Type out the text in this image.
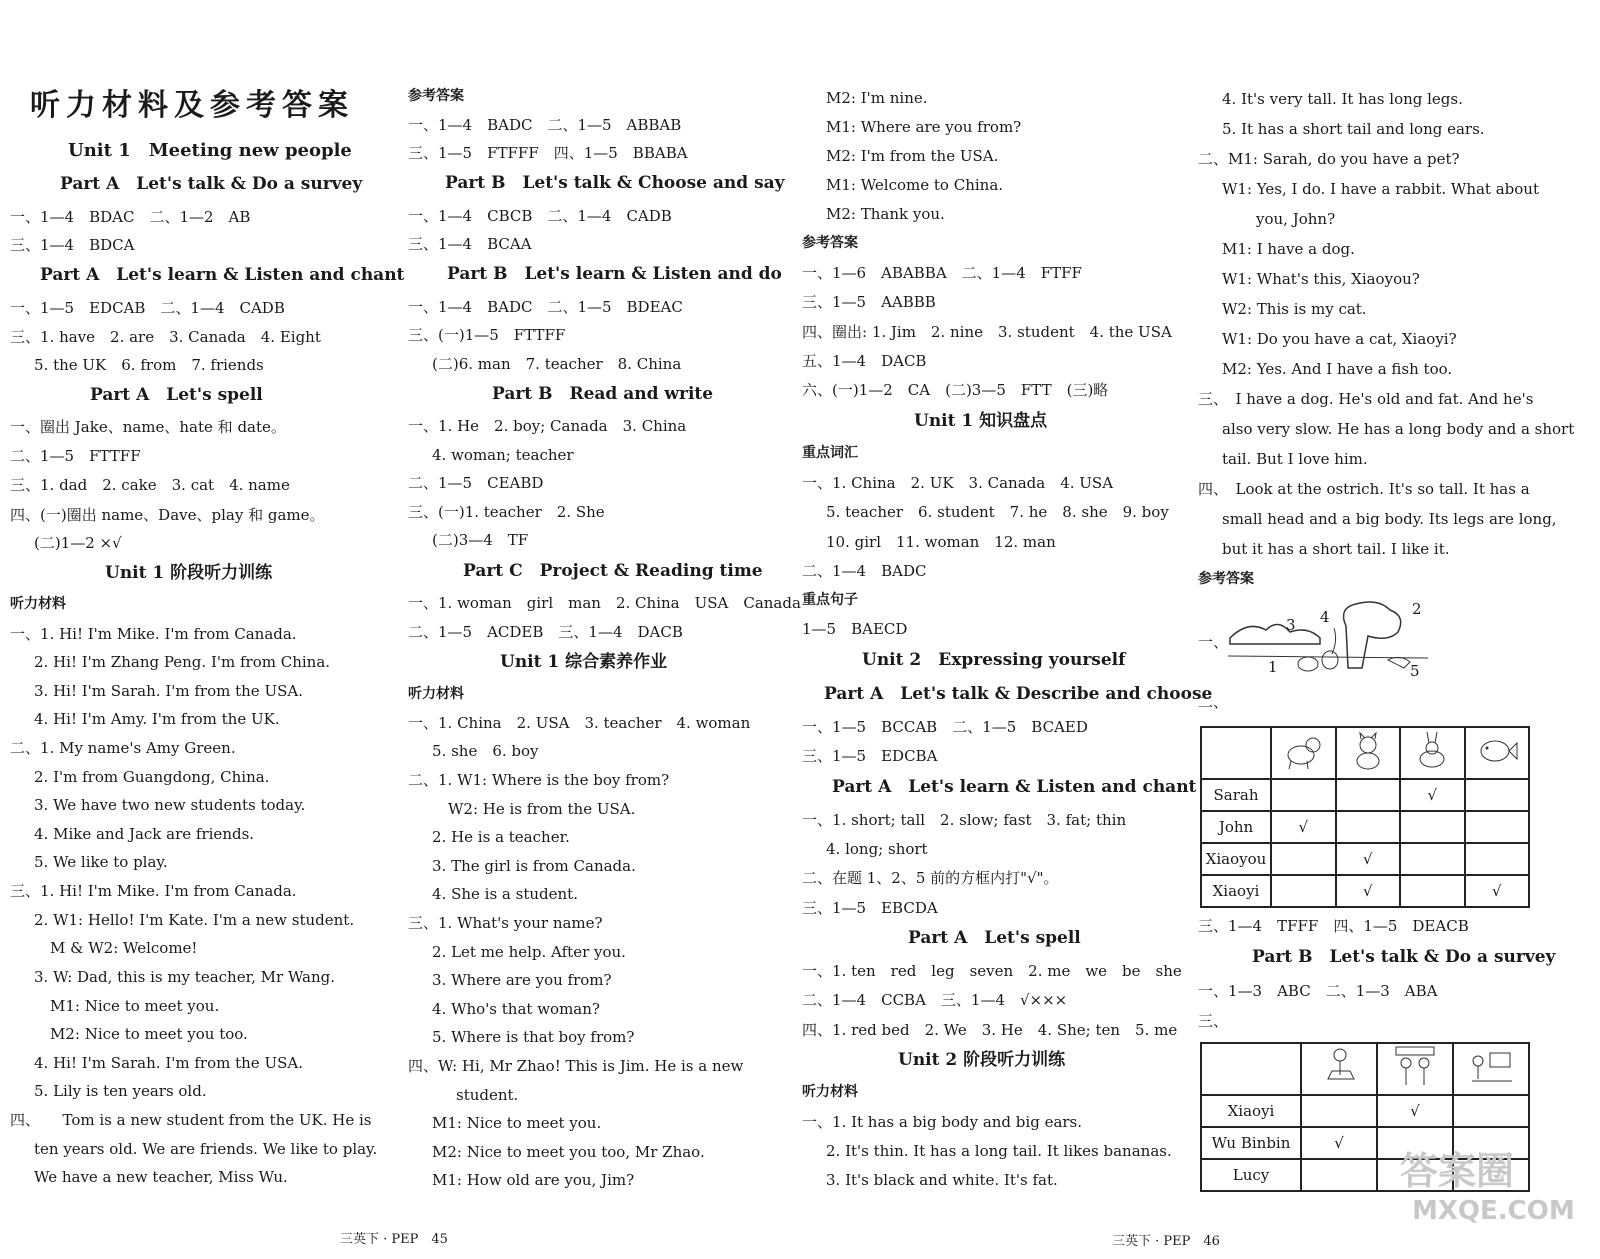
听力材料及参考答案
Unit 1　Meeting new people
Part A　Let's talk & Do a survey
一、1—4　BDAC　二、1—2　AB
三、1—4　BDCA
Part A　Let's learn & Listen and chant
一、1—5　EDCAB　二、1—4　CADB
三、1. have　2. are　3. Canada　4. Eight
5. the UK　6. from　7. friends
Part A　Let's spell
一、圈出 Jake、name、hate 和 date。
二、1—5　FTTFF
三、1. dad　2. cake　3. cat　4. name
四、(一)圈出 name、Dave、play 和 game。
(二)1—2 ×√
Unit 1 阶段听力训练
听力材料
一、1. Hi! I'm Mike. I'm from Canada.
2. Hi! I'm Zhang Peng. I'm from China.
3. Hi! I'm Sarah. I'm from the USA.
4. Hi! I'm Amy. I'm from the UK.
二、1. My name's Amy Green.
2. I'm from Guangdong, China.
3. We have two new students today.
4. Mike and Jack are friends.
5. We like to play.
三、1. Hi! I'm Mike. I'm from Canada.
2. W1: Hello! I'm Kate. I'm a new student.
M & W2: Welcome!
3. W: Dad, this is my teacher, Mr Wang.
M1: Nice to meet you.
M2: Nice to meet you too.
4. Hi! I'm Sarah. I'm from the USA.
5. Lily is ten years old.
四、　　Tom is a new student from the UK. He is
ten years old. We are friends. We like to play.
We have a new teacher, Miss Wu.
三英下 · PEP　45
参考答案
一、1—4　BADC　二、1—5　ABBAB
三、1—5　FTFFF　四、1—5　BBABA
Part B　Let's talk & Choose and say
一、1—4　CBCB　二、1—4　CADB
三、1—4　BCAA
Part B　Let's learn & Listen and do
一、1—4　BADC　二、1—5　BDEAC
三、(一)1—5　FTTFF
(二)6. man　7. teacher　8. China
Part B　Read and write
一、1. He　2. boy; Canada　3. China
4. woman; teacher
二、1—5　CEABD
三、(一)1. teacher　2. She
(二)3—4　TF
Part C　Project & Reading time
一、1. woman　girl　man　2. China　USA　Canada
二、1—5　ACDEB　三、1—4　DACB
Unit 1 综合素养作业
听力材料
一、1. China　2. USA　3. teacher　4. woman
5. she　6. boy
二、1. W1: Where is the boy from?
W2: He is from the USA.
2. He is a teacher.
3. The girl is from Canada.
4. She is a student.
三、1. What's your name?
2. Let me help. After you.
3. Where are you from?
4. Who's that woman?
5. Where is that boy from?
四、W: Hi, Mr Zhao! This is Jim. He is a new
student.
M1: Nice to meet you.
M2: Nice to meet you too, Mr Zhao.
M1: How old are you, Jim?
三英下 · PEP　46
M2: I'm nine.
M1: Where are you from?
M2: I'm from the USA.
M1: Welcome to China.
M2: Thank you.
参考答案
一、1—6　ABABBA　二、1—4　FTFF
三、1—5　AABBB
四、圈出: 1. Jim　2. nine　3. student　4. the USA
五、1—4　DACB
六、(一)1—2　CA　(二)3—5　FTT　(三)略
Unit 1 知识盘点
重点词汇
一、1. China　2. UK　3. Canada　4. USA
5. teacher　6. student　7. he　8. she　9. boy
10. girl　11. woman　12. man
二、1—4　BADC
重点句子
1—5　BAECD
Unit 2　Expressing yourself
Part A　Let's talk & Describe and choose
一、1—5　BCCAB　二、1—5　BCAED
三、1—5　EDCBA
Part A　Let's learn & Listen and chant
一、1. short; tall　2. slow; fast　3. fat; thin
4. long; short
二、在题 1、2、5 前的方框内打"√"。
三、1—5　EBCDA
Part A　Let's spell
一、1. ten　red　leg　seven　2. me　we　be　she
二、1—4　CCBA　三、1—4　√×××
四、1. red bed　2. We　3. He　4. She; ten　5. me
Unit 2 阶段听力训练
听力材料
一、1. It has a big body and big ears.
2. It's thin. It has a long tail. It likes bananas.
3. It's black and white. It's fat.
1
2
3 4
5

Sarah			√	
John	√			
Xiaoyou		√		
Xiaoyi		√		√

Xiaoyi		√	
Wu Binbin	√		
Lucy			
4. It's very tall. It has long legs.
5. It has a short tail and long ears.
二、M1: Sarah, do you have a pet?
W1: Yes, I do. I have a rabbit. What about
you, John?
M1: I have a dog.
W1: What's this, Xiaoyou?
W2: This is my cat.
W1: Do you have a cat, Xiaoyi?
M2: Yes. And I have a fish too.
三、　I have a dog. He's old and fat. And he's
also very slow. He has a long body and a short
tail. But I love him.
四、　Look at the ostrich. It's so tall. It has a
small head and a big body. Its legs are long,
but it has a short tail. I like it.
参考答案
一、
二、
三、1—4　TFFF　四、1—5　DEACB
Part B　Let's talk & Do a survey
一、1—3　ABC　二、1—3　ABA
三、
答案圈
MXQE.COM
